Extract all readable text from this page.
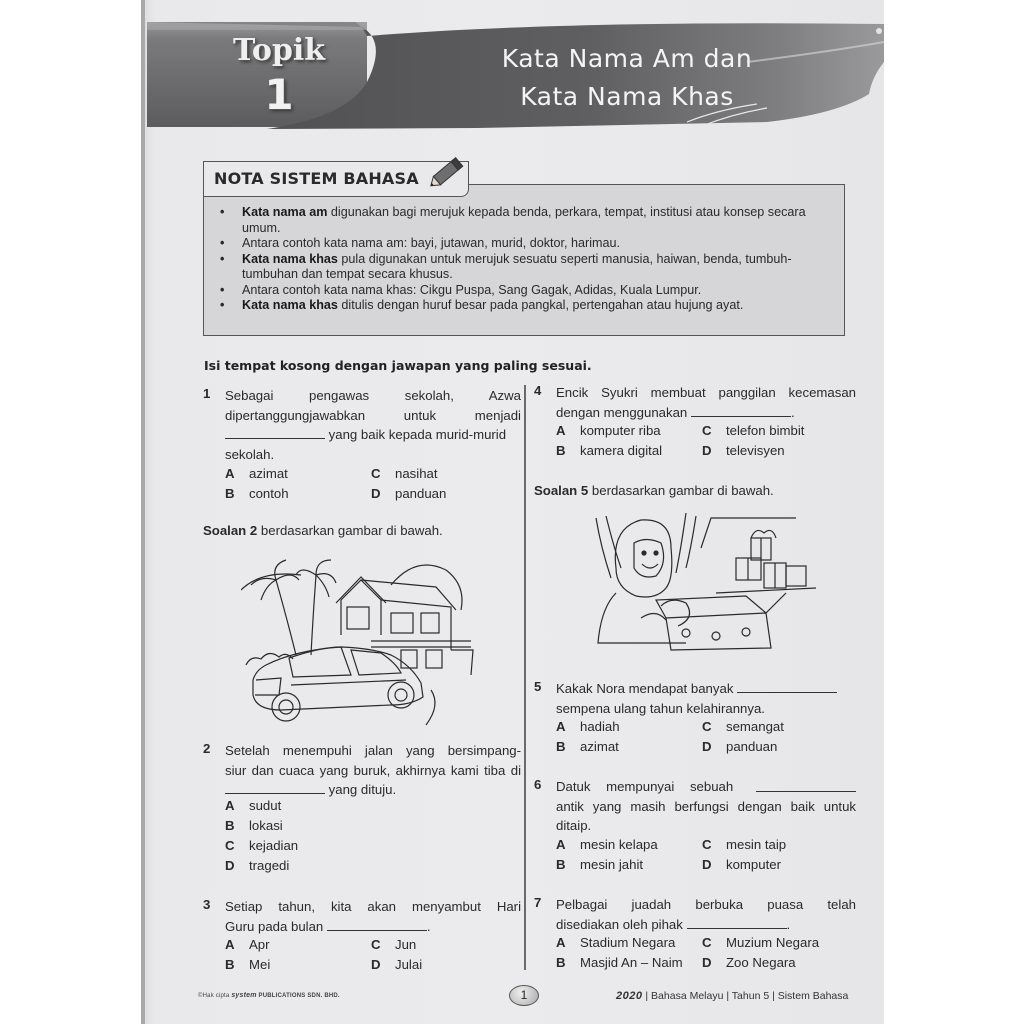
Topik
1
Kata Nama Am dan
Kata Nama Khas
NOTA SISTEM BAHASA
• Kata nama am digunakan bagi merujuk kepada benda, perkara, tempat, institusi atau konsep secara umum.
• Antara contoh kata nama am: bayi, jutawan, murid, doktor, harimau.
• Kata nama khas pula digunakan untuk merujuk sesuatu seperti manusia, haiwan, benda, tumbuh-tumbuhan dan tempat secara khusus.
• Antara contoh kata nama khas: Cikgu Puspa, Sang Gagak, Adidas, Kuala Lumpur.
• Kata nama khas ditulis dengan huruf besar pada pangkal, pertengahan atau hujung ayat.
Isi tempat kosong dengan jawapan yang paling sesuai.
1	Sebagai pengawas sekolah, Azwa
dipertanggungjawabkan untuk menjadi
yang baik kepada murid-murid
sekolah.
A azimat
B contoh
C nasihat
D panduan
Soalan 2 berdasarkan gambar di bawah.
2	Setelah menempuhi jalan yang bersimpang-
siur dan cuaca yang buruk, akhirnya kami tiba di
yang dituju.
A sudut
B lokasi
C kejadian
D tragedi
3	Setiap tahun, kita akan menyambut Hari
Guru pada bulan	.
A Apr
B Mei
C Jun
D Julai
4	Encik Syukri membuat panggilan kecemasan
dengan menggunakan	.
A komputer riba
B kamera digital
C telefon bimbit
D televisyen
Soalan 5 berdasarkan gambar di bawah.
5	Kakak Nora mendapat banyak
sempena ulang tahun kelahirannya.
A hadiah
B azimat
C semangat
D panduan
6	Datuk mempunyai sebuah
antik yang masih berfungsi dengan baik untuk
ditaip.
A mesin kelapa
B mesin jahit
C mesin taip
D komputer
7	Pelbagai juadah berbuka puasa telah
disediakan oleh pihak	.
A Stadium Negara
B Masjid An – Naim
C Muzium Negara
D Zoo Negara
©Hak cipta system PUBLICATIONS SDN. BHD.	1	2020 | Bahasa Melayu | Tahun 5 | Sistem Bahasa
